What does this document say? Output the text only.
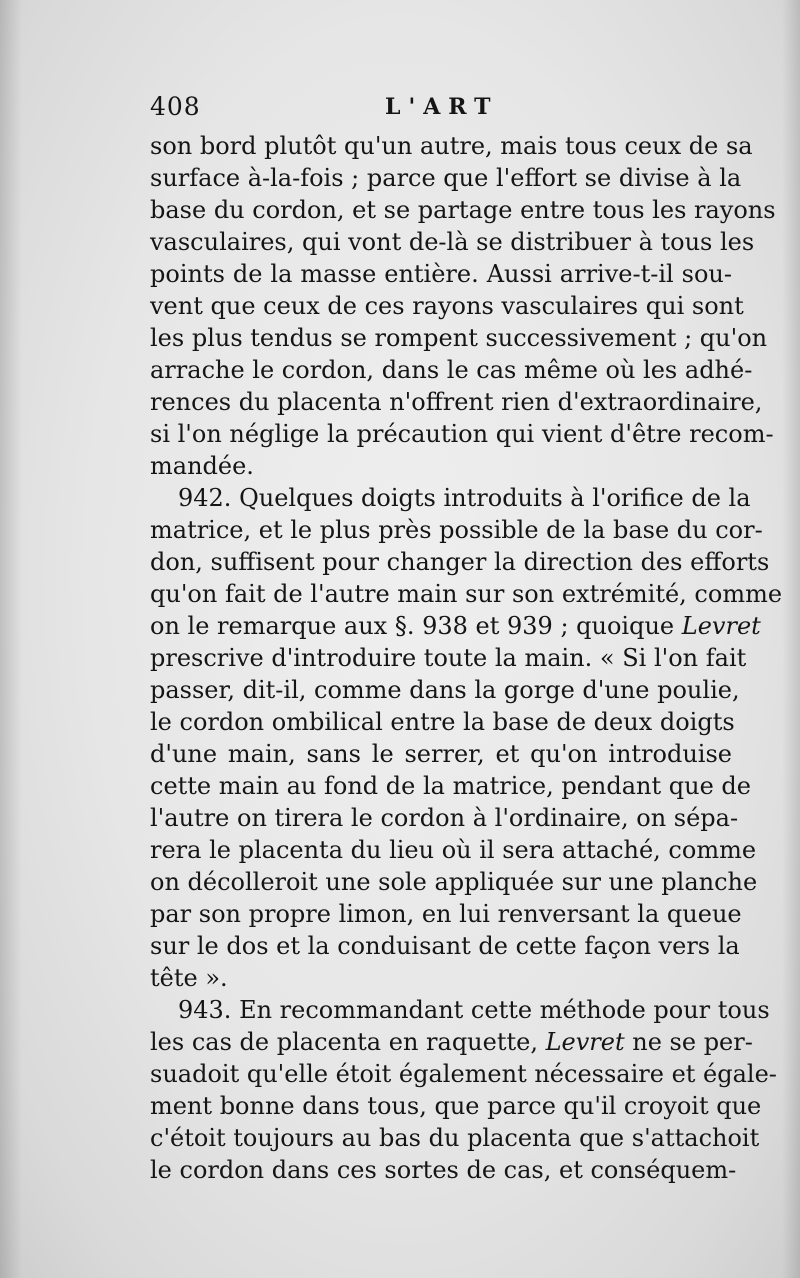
408	L'ART
son bord plutôt qu'un autre, mais tous ceux de sa
surface à-la-fois ; parce que l'effort se divise à la
base du cordon, et se partage entre tous les rayons
vasculaires, qui vont de-là se distribuer à tous les
points de la masse entière. Aussi arrive-t-il sou-
vent que ceux de ces rayons vasculaires qui sont
les plus tendus se rompent successivement ; qu'on
arrache le cordon, dans le cas même où les adhé-
rences du placenta n'offrent rien d'extraordinaire,
si l'on néglige la précaution qui vient d'être recom-
mandée.
942. Quelques doigts introduits à l'orifice de la
matrice, et le plus près possible de la base du cor-
don, suffisent pour changer la direction des efforts
qu'on fait de l'autre main sur son extrémité, comme
on le remarque aux §. 938 et 939 ; quoique Levret
prescrive d'introduire toute la main. « Si l'on fait
passer, dit-il, comme dans la gorge d'une poulie,
le cordon ombilical entre la base de deux doigts
d'une main, sans le serrer, et qu'on introduise
cette main au fond de la matrice, pendant que de
l'autre on tirera le cordon à l'ordinaire, on sépa-
rera le placenta du lieu où il sera attaché, comme
on décolleroit une sole appliquée sur une planche
par son propre limon, en lui renversant la queue
sur le dos et la conduisant de cette façon vers la
tête ».
943. En recommandant cette méthode pour tous
les cas de placenta en raquette, Levret ne se per-
suadoit qu'elle étoit également nécessaire et égale-
ment bonne dans tous, que parce qu'il croyoit que
c'étoit toujours au bas du placenta que s'attachoit
le cordon dans ces sortes de cas, et conséquem-
